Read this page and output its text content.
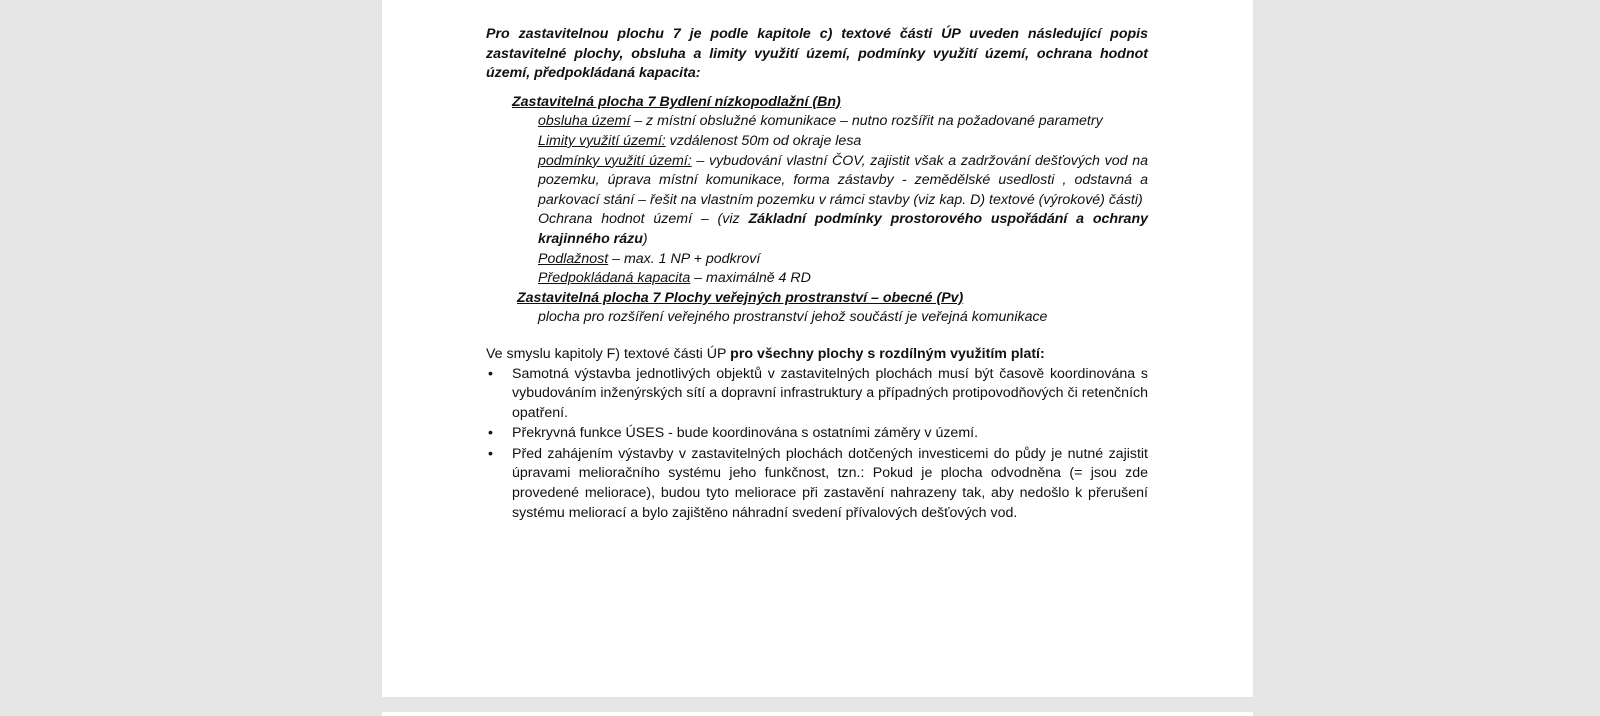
Pro zastavitelnou plochu 7 je podle kapitole c) textové části ÚP uveden následující popis zastavitelné plochy, obsluha a limity využití území, podmínky využití území, ochrana hodnot území, předpokládaná kapacita:

Zastavitelná plocha 7 Bydlení nízkopodlažní (Bn)

obsluha území – z místní obslužné komunikace – nutno rozšířit na požadované parametry

Limity využití území: vzdálenost 50m od okraje lesa

podmínky využití území: – vybudování vlastní ČOV, zajistit však a zadržování dešťových vod na pozemku, úprava místní komunikace, forma zástavby - zemědělské usedlosti , odstavná a parkovací stání – řešit na vlastním pozemku v rámci stavby (viz kap. D) textové (výrokové) části)

Ochrana hodnot území – (viz Základní podmínky prostorového uspořádání a ochrany krajinného rázu)

Podlažnost – max. 1 NP + podkroví

Předpokládaná kapacita – maximálně 4 RD

Zastavitelná plocha 7 Plochy veřejných prostranství – obecné (Pv)

plocha pro rozšíření veřejného prostranství jehož součástí je veřejná komunikace

Ve smyslu kapitoly F) textové části ÚP pro všechny plochy s rozdílným využitím platí:

• Samotná výstavba jednotlivých objektů v zastavitelných plochách musí být časově koordinována s vybudováním inženýrských sítí a dopravní infrastruktury a případných protipovodňových či retenčních opatření.
• Překryvná funkce ÚSES - bude koordinována s ostatními záměry v území.
• Před zahájením výstavby v zastavitelných plochách dotčených investicemi do půdy je nutné zajistit úpravami melioračního systému jeho funkčnost, tzn.: Pokud je plocha odvodněna (= jsou zde provedené meliorace), budou tyto meliorace při zastavění nahrazeny tak, aby nedošlo k přerušení systému meliorací a bylo zajištěno náhradní svedení přívalových dešťových vod.
